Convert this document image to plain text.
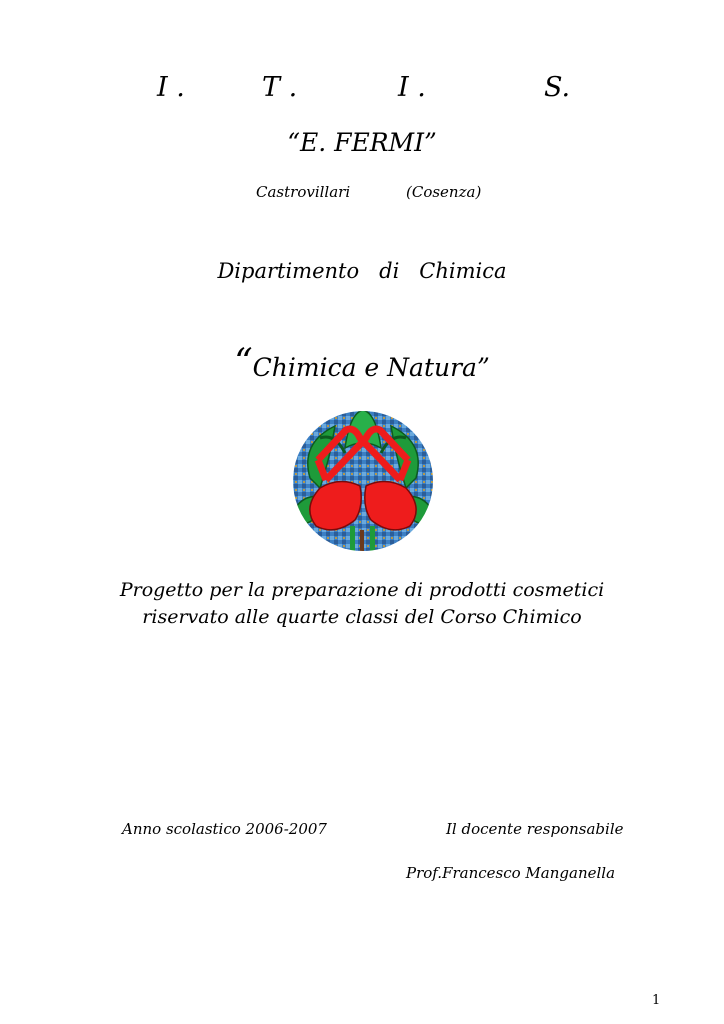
I .	T .	I .	S.
“E. FERMI”
Castrovillari	(Cosenza)
Dipartimento di Chimica
“Chimica e Natura”
Progetto per la preparazione di prodotti cosmetici
riservato alle quarte classi del Corso Chimico
Anno scolastico 2006-2007	Il docente responsabile
Prof.Francesco Manganella
1
